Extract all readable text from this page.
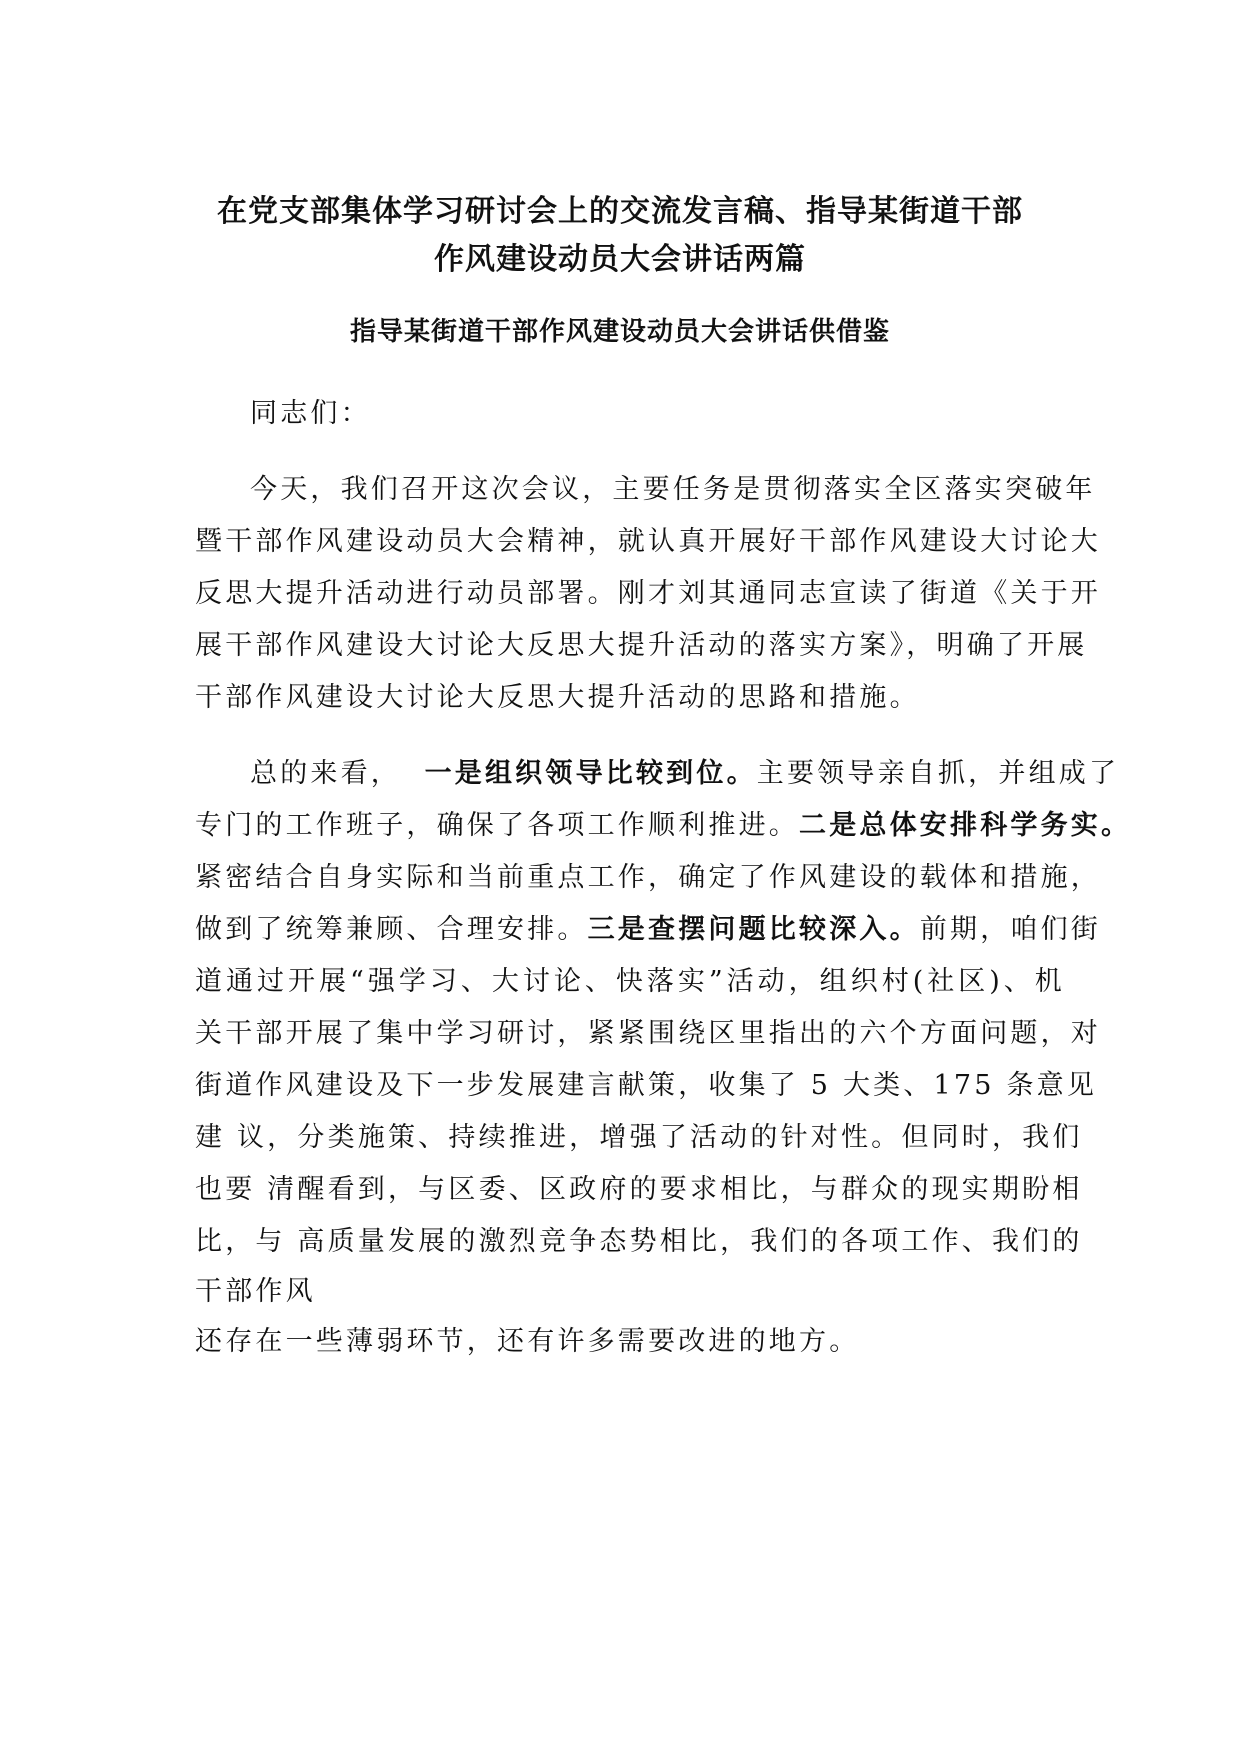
在党支部集体学习研讨会上的交流发言稿、指导某街道干部
作风建设动员大会讲话两篇
指导某街道干部作风建设动员大会讲话供借鉴
同志们：
今天，我们召开这次会议，主要任务是贯彻落实全区落实突破年
暨干部作风建设动员大会精神，就认真开展好干部作风建设大讨论大
反思大提升活动进行动员部署。刚才刘其通同志宣读了街道《关于开
展干部作风建设大讨论大反思大提升活动的落实方案》，明确了开展
干部作风建设大讨论大反思大提升活动的思路和措施。
总的来看， 一是组织领导比较到位。主要领导亲自抓，并组成了
专门的工作班子，确保了各项工作顺利推进。二是总体安排科学务实。
紧密结合自身实际和当前重点工作，确定了作风建设的载体和措施，
做到了统筹兼顾、合理安排。三是查摆问题比较深入。前期，咱们街
道通过开展“强学习、大讨论、快落实”活动，组织村(社区)、机
关干部开展了集中学习研讨，紧紧围绕区里指出的六个方面问题，对
街道作风建设及下一步发展建言献策，收集了 5 大类、175 条意见
建 议，分类施策、持续推进，增强了活动的针对性。但同时，我们
也要 清醒看到，与区委、区政府的要求相比，与群众的现实期盼相
比，与 高质量发展的激烈竞争态势相比，我们的各项工作、我们的
干部作风
还存在一些薄弱环节，还有许多需要改进的地方。
